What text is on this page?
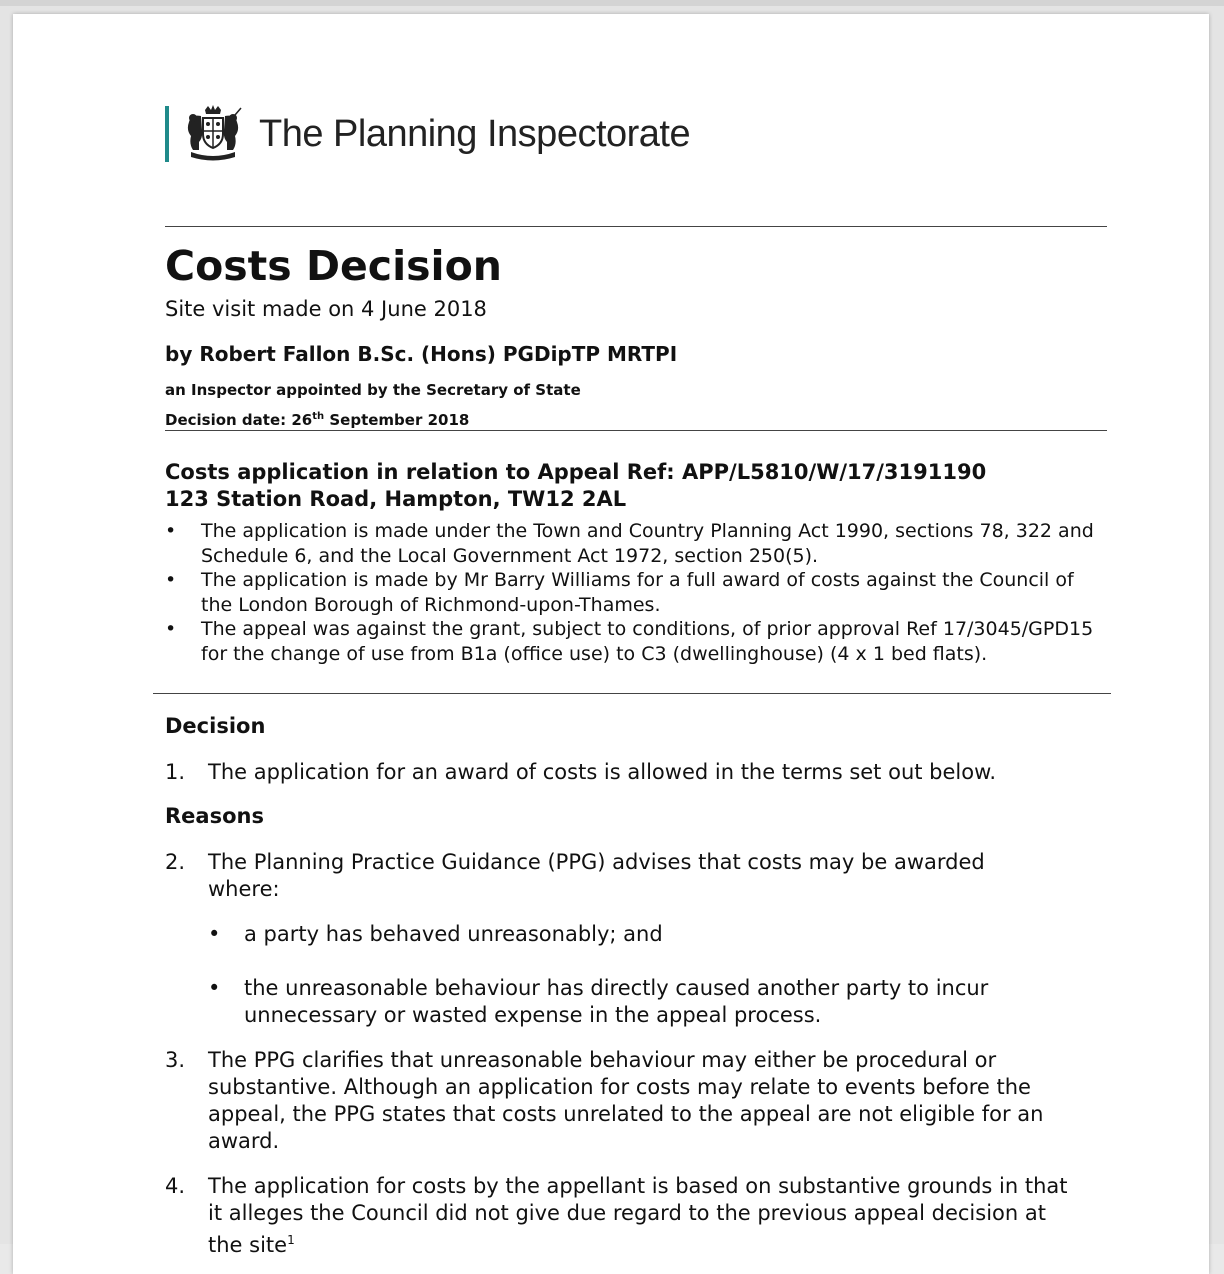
The Planning Inspectorate
Costs Decision
Site visit made on 4 June 2018
by Robert Fallon B.Sc. (Hons) PGDipTP MRTPI
an Inspector appointed by the Secretary of State
Decision date: 26th September 2018
Costs application in relation to Appeal Ref: APP/L5810/W/17/3191190
123 Station Road, Hampton, TW12 2AL
• The application is made under the Town and Country Planning Act 1990, sections 78, 322 and Schedule 6, and the Local Government Act 1972, section 250(5).
• The application is made by Mr Barry Williams for a full award of costs against the Council of the London Borough of Richmond-upon-Thames.
• The appeal was against the grant, subject to conditions, of prior approval Ref 17/3045/GPD15 for the change of use from B1a (office use) to C3 (dwellinghouse) (4 x 1 bed flats).
Decision
1. The application for an award of costs is allowed in the terms set out below.
Reasons
2. The Planning Practice Guidance (PPG) advises that costs may be awarded where:
• a party has behaved unreasonably; and
• the unreasonable behaviour has directly caused another party to incur unnecessary or wasted expense in the appeal process.
3. The PPG clarifies that unreasonable behaviour may either be procedural or substantive. Although an application for costs may relate to events before the appeal, the PPG states that costs unrelated to the appeal are not eligible for an award.
4. The application for costs by the appellant is based on substantive grounds in that it alleges the Council did not give due regard to the previous appeal decision at the site$^1$
